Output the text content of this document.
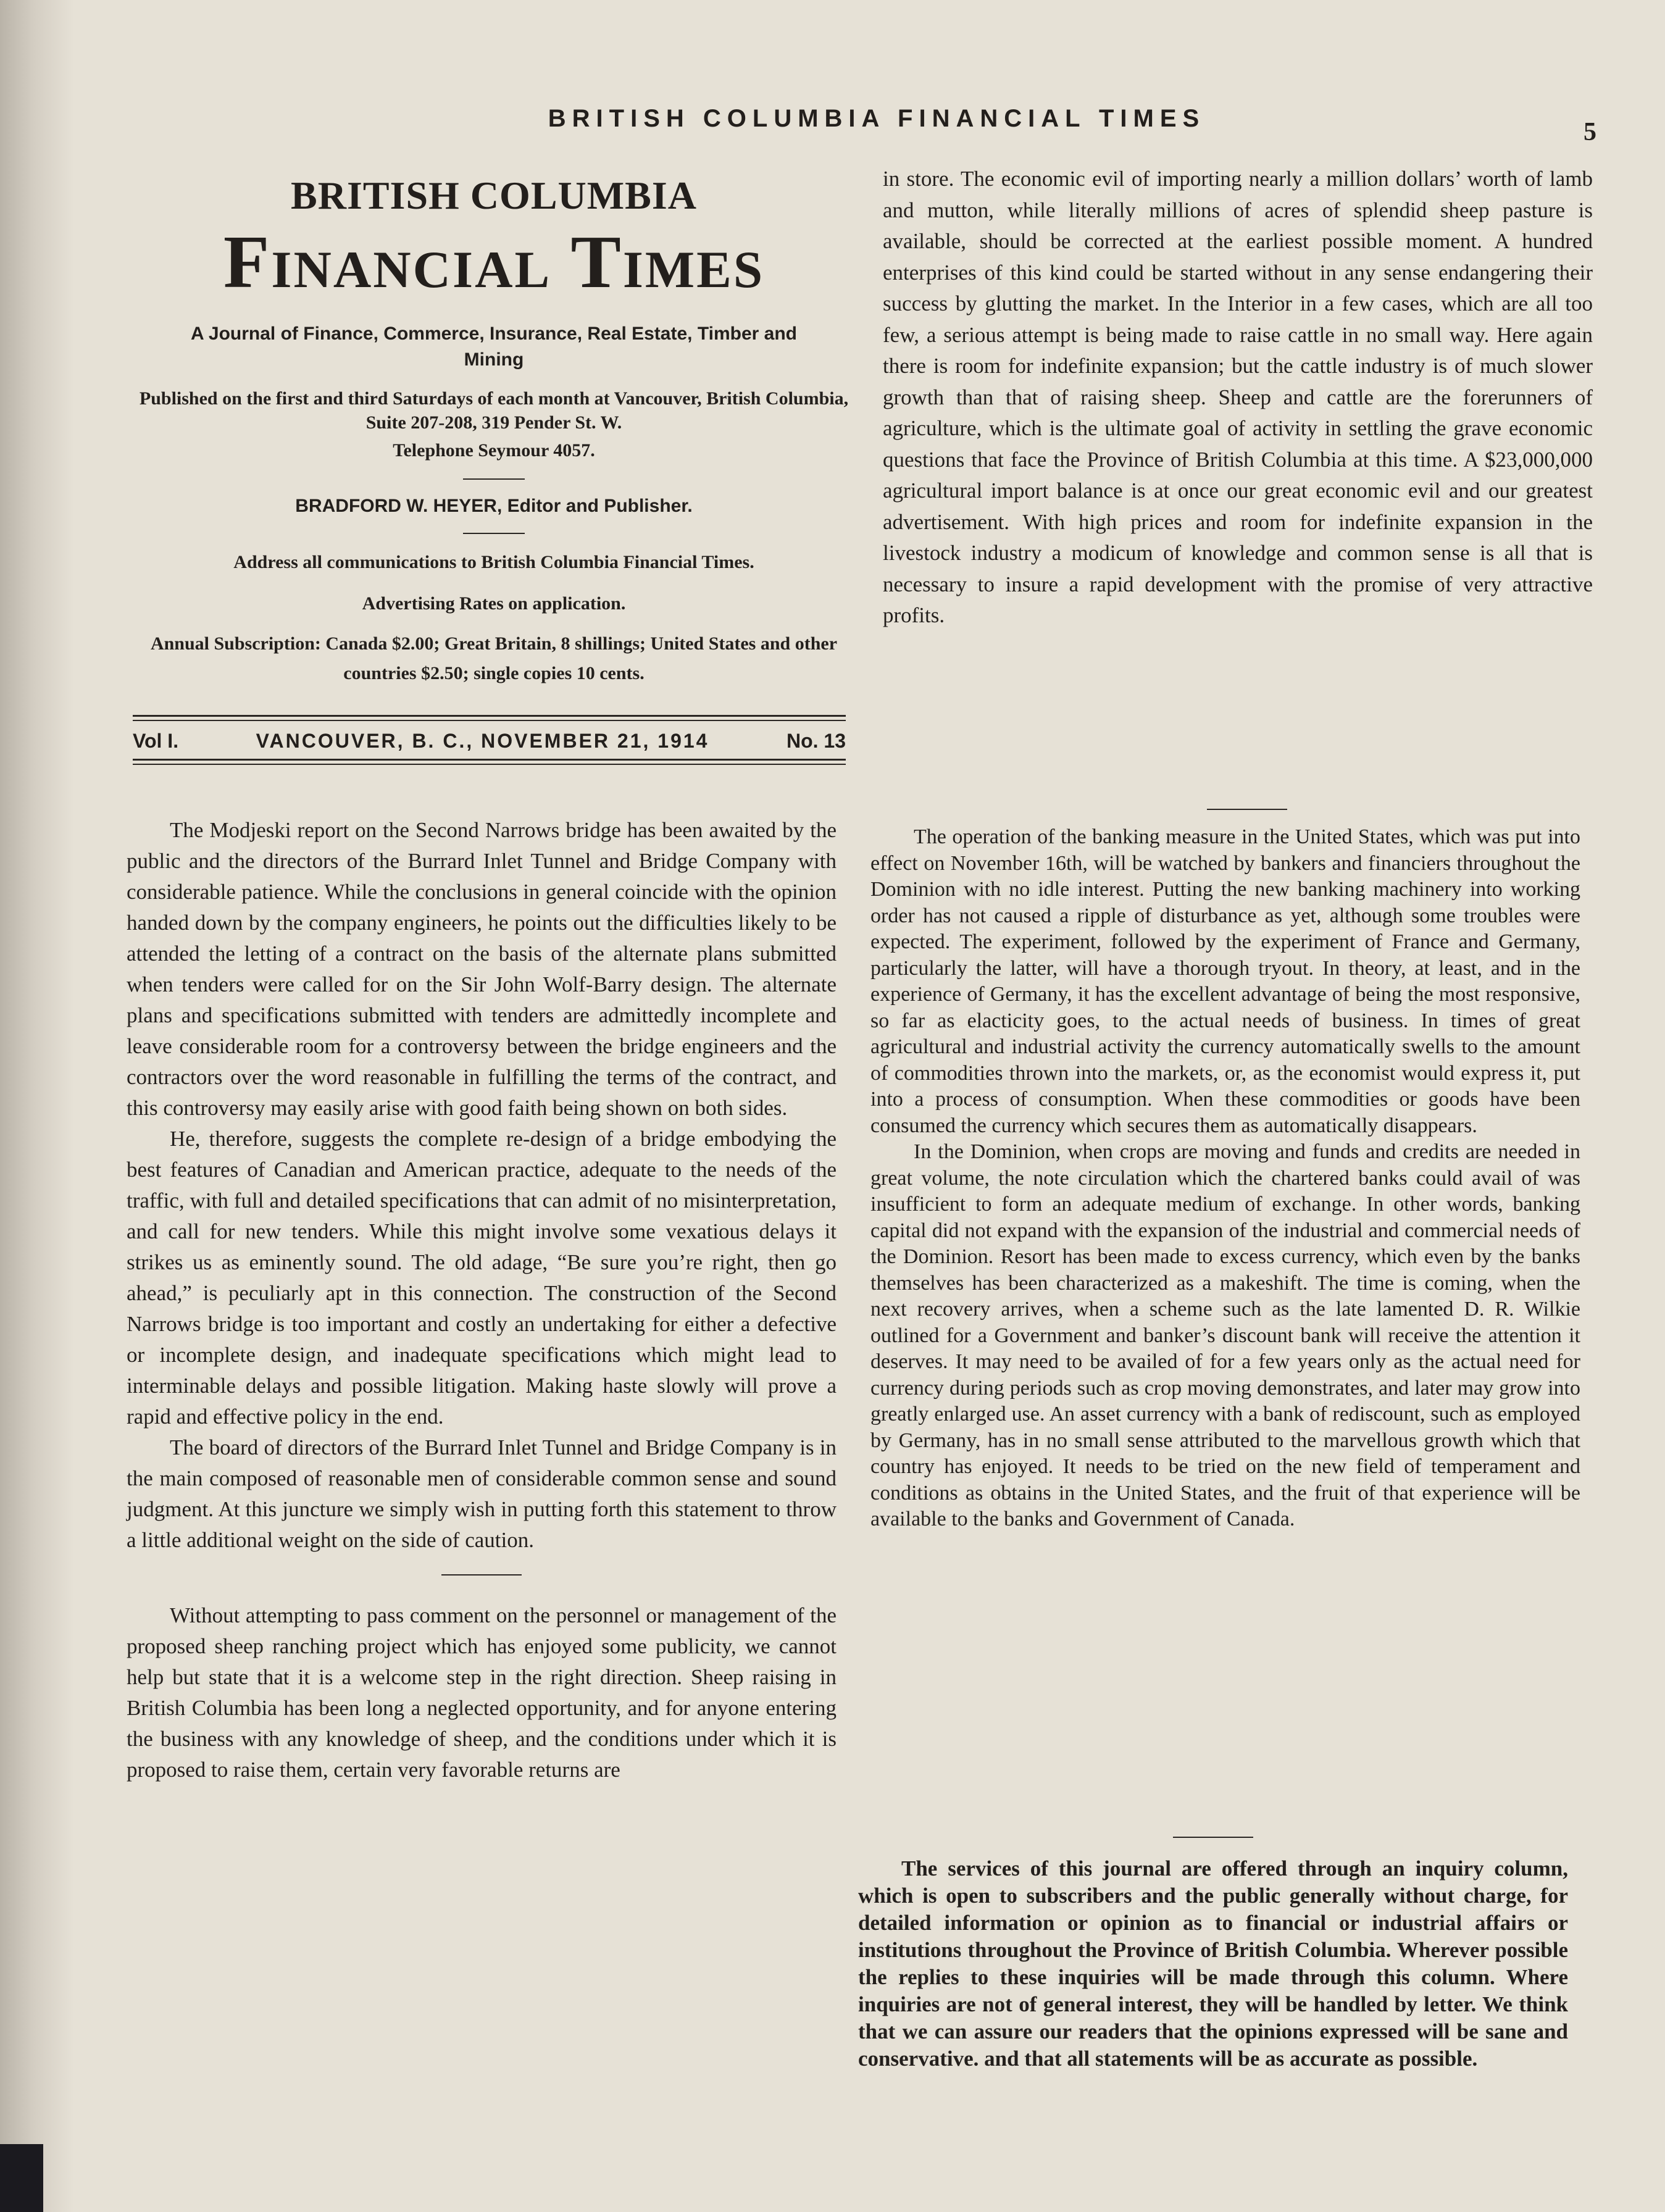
BRITISH COLUMBIA FINANCIAL TIMES	5
BRITISH COLUMBIA
Financial Times
A Journal of Finance, Commerce, Insurance, Real Estate, Timber and Mining
Published on the first and third Saturdays of each month at Vancouver, British Columbia, Suite 207-208, 319 Pender St. W.
Telephone Seymour 4057.
BRADFORD W. HEYER, Editor and Publisher.
Address all communications to British Columbia Financial Times.
Advertising Rates on application.
Annual Subscription: Canada $2.00; Great Britain, 8 shillings; United States and other countries $2.50; single copies 10 cents.
Vol I.	VANCOUVER, B. C., NOVEMBER 21, 1914	No. 13

The Modjeski report on the Second Narrows bridge has been awaited by the public and the directors of the Burrard Inlet Tunnel and Bridge Company with considerable patience. While the conclusions in general coincide with the opinion handed down by the company engineers, he points out the difficulties likely to be attended the letting of a contract on the basis of the alternate plans submitted when tenders were called for on the Sir John Wolf-Barry design. The alternate plans and specifications submitted with tenders are admittedly incomplete and leave considerable room for a controversy between the bridge engineers and the contractors over the word reasonable in fulfilling the terms of the contract, and this controversy may easily arise with good faith being shown on both sides.

He, therefore, suggests the complete re-design of a bridge embodying the best features of Canadian and American practice, adequate to the needs of the traffic, with full and detailed specifications that can admit of no misinterpretation, and call for new tenders. While this might involve some vexatious delays it strikes us as eminently sound. The old adage, “Be sure you’re right, then go ahead,” is peculiarly apt in this connection. The construction of the Second Narrows bridge is too important and costly an undertaking for either a defective or incomplete design, and inadequate specifications which might lead to interminable delays and possible litigation. Making haste slowly will prove a rapid and effective policy in the end.

The board of directors of the Burrard Inlet Tunnel and Bridge Company is in the main composed of reasonable men of considerable common sense and sound judgment. At this juncture we simply wish in putting forth this statement to throw a little additional weight on the side of caution.

Without attempting to pass comment on the personnel or management of the proposed sheep ranching project which has enjoyed some publicity, we cannot help but state that it is a welcome step in the right direction. Sheep raising in British Columbia has been long a neglected opportunity, and for anyone entering the business with any knowledge of sheep, and the conditions under which it is proposed to raise them, certain very favorable returns are

in store. The economic evil of importing nearly a million dollars’ worth of lamb and mutton, while literally millions of acres of splendid sheep pasture is available, should be corrected at the earliest possible moment. A hundred enterprises of this kind could be started without in any sense endangering their success by glutting the market. In the Interior in a few cases, which are all too few, a serious attempt is being made to raise cattle in no small way. Here again there is room for indefinite expansion; but the cattle industry is of much slower growth than that of raising sheep. Sheep and cattle are the forerunners of agriculture, which is the ultimate goal of activity in settling the grave economic questions that face the Province of British Columbia at this time. A $23,000,000 agricultural import balance is at once our great economic evil and our greatest advertisement. With high prices and room for indefinite expansion in the livestock industry a modicum of knowledge and common sense is all that is necessary to insure a rapid development with the promise of very attractive profits.

The operation of the banking measure in the United States, which was put into effect on November 16th, will be watched by bankers and financiers throughout the Dominion with no idle interest. Putting the new banking machinery into working order has not caused a ripple of disturbance as yet, although some troubles were expected. The experiment, followed by the experiment of France and Germany, particularly the latter, will have a thorough tryout. In theory, at least, and in the experience of Germany, it has the excellent advantage of being the most responsive, so far as elacticity goes, to the actual needs of business. In times of great agricultural and industrial activity the currency automatically swells to the amount of commodities thrown into the markets, or, as the economist would express it, put into a process of consumption. When these commodities or goods have been consumed the currency which secures them as automatically disappears.

In the Dominion, when crops are moving and funds and credits are needed in great volume, the note circulation which the chartered banks could avail of was insufficient to form an adequate medium of exchange. In other words, banking capital did not expand with the expansion of the industrial and commercial needs of the Dominion. Resort has been made to excess currency, which even by the banks themselves has been characterized as a makeshift. The time is coming, when the next recovery arrives, when a scheme such as the late lamented D. R. Wilkie outlined for a Government and banker’s discount bank will receive the attention it deserves. It may need to be availed of for a few years only as the actual need for currency during periods such as crop moving demonstrates, and later may grow into greatly enlarged use. An asset currency with a bank of rediscount, such as employed by Germany, has in no small sense attributed to the marvellous growth which that country has enjoyed. It needs to be tried on the new field of temperament and conditions as obtains in the United States, and the fruit of that experience will be available to the banks and Government of Canada.

The services of this journal are offered through an inquiry column, which is open to subscribers and the public generally without charge, for detailed information or opinion as to financial or industrial affairs or institutions throughout the Province of British Columbia. Wherever possible the replies to these inquiries will be made through this column. Where inquiries are not of general interest, they will be handled by letter. We think that we can assure our readers that the opinions expressed will be sane and conservative. and that all statements will be as accurate as possible.
